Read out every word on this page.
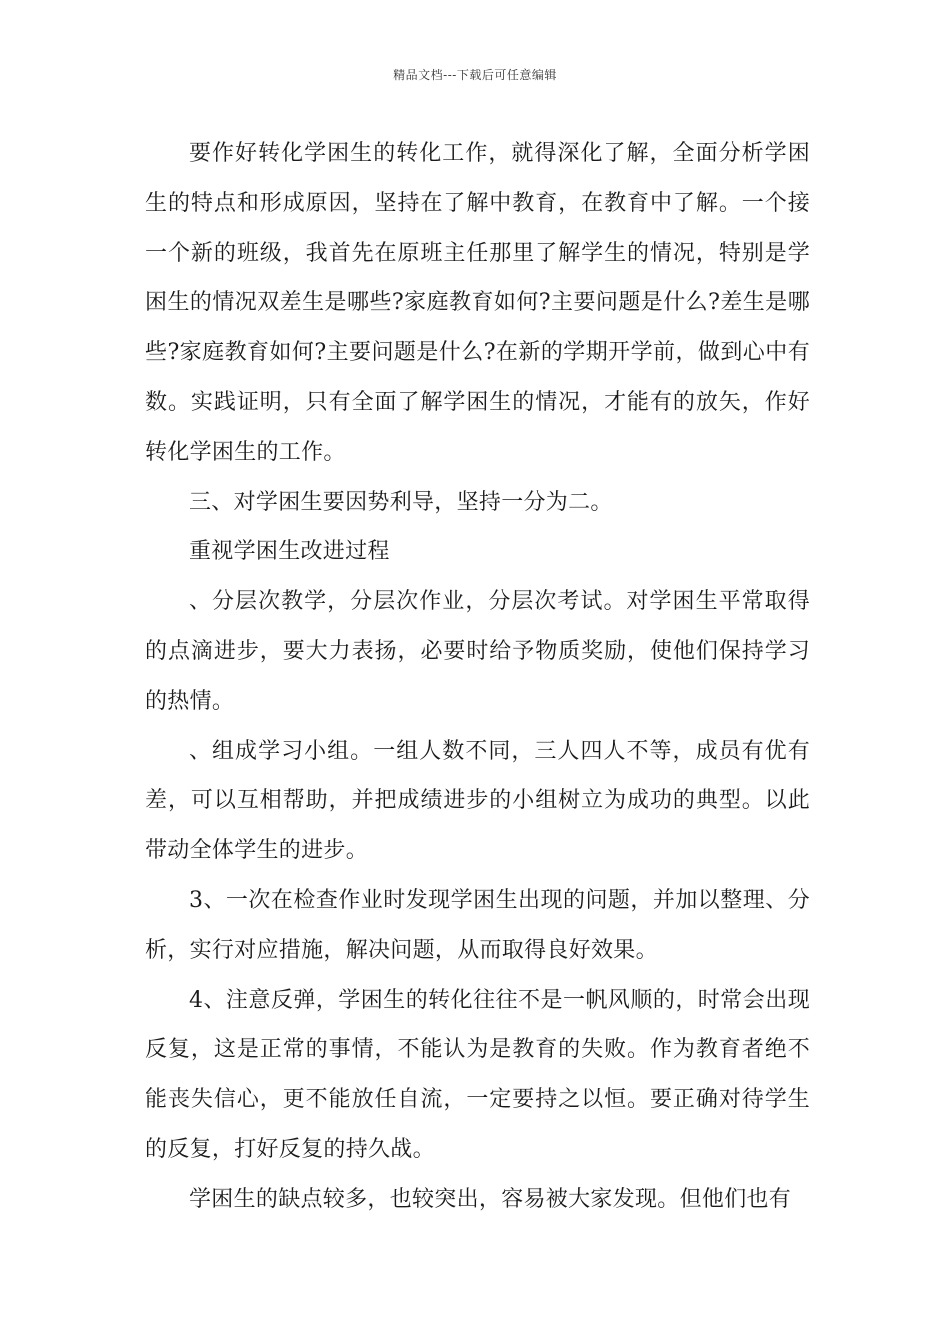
精品文档---下载后可任意编辑

要作好转化学困生的转化工作，就得深化了解，全面分析学困生的特点和形成原因，坚持在了解中教育，在教育中了解。一个接一个新的班级，我首先在原班主任那里了解学生的情况，特别是学困生的情况双差生是哪些?家庭教育如何?主要问题是什么?差生是哪些?家庭教育如何?主要问题是什么?在新的学期开学前，做到心中有数。实践证明，只有全面了解学困生的情况，才能有的放矢，作好转化学困生的工作。

三、对学困生要因势利导，坚持一分为二。

重视学困生改进过程

、分层次教学，分层次作业，分层次考试。对学困生平常取得的点滴进步，要大力表扬，必要时给予物质奖励，使他们保持学习的热情。

、组成学习小组。一组人数不同，三人四人不等，成员有优有差，可以互相帮助，并把成绩进步的小组树立为成功的典型。以此带动全体学生的进步。

3、一次在检查作业时发现学困生出现的问题，并加以整理、分析，实行对应措施，解决问题，从而取得良好效果。

4、注意反弹，学困生的转化往往不是一帆风顺的，时常会出现反复，这是正常的事情，不能认为是教育的失败。作为教育者绝不能丧失信心，更不能放任自流，一定要持之以恒。要正确对待学生的反复，打好反复的持久战。

学困生的缺点较多，也较突出，容易被大家发现。但他们也有
